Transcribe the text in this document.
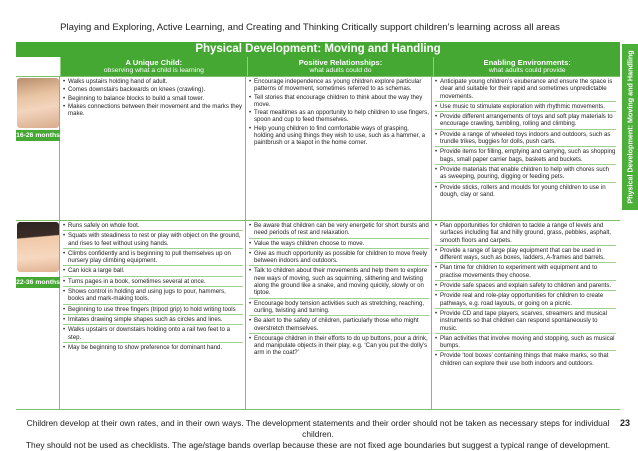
Playing and Exploring, Active Learning, and Creating and Thinking Critically support children’s learning across all areas
Physical Development: Moving and Handling
Physical Development: Moving and Handling
A Unique Child:
observing what a child is learning
Positive Relationships:
what adults could do
Enabling Environments:
what adults could provide
16-26 months
• Walks upstairs holding hand of adult.
• Comes downstairs backwards on knees (crawling).
• Beginning to balance blocks to build a small tower.
• Makes connections between their movement and the marks they make.
• Encourage independence as young children explore particular patterns of movement, sometimes referred to as schemas.
• Tell stories that encourage children to think about the way they move.
• Treat mealtimes as an opportunity to help children to use fingers, spoon and cup to feed themselves.
• Help young children to find comfortable ways of grasping, holding and using things they wish to use, such as a hammer, a paintbrush or a teapot in the home corner.
• Anticipate young children’s exuberance and ensure the space is clear and suitable for their rapid and sometimes unpredictable movements.
• Use music to stimulate exploration with rhythmic movements.
• Provide different arrangements of toys and soft play materials to encourage crawling, tumbling, rolling and climbing.
• Provide a range of wheeled toys indoors and outdoors, such as trundle trikes, buggies for dolls, push carts.
• Provide items for filling, emptying and carrying, such as shopping bags, small paper carrier bags, baskets and buckets.
• Provide materials that enable children to help with chores such as sweeping, pouring, digging or feeding pets.
• Provide sticks, rollers and moulds for young children to use in dough, clay or sand.
22-36 months
• Runs safely on whole foot.
• Squats with steadiness to rest or play with object on the ground, and rises to feet without using hands.
• Climbs confidently and is beginning to pull themselves up on nursery play climbing equipment.
• Can kick a large ball.
• Turns pages in a book, sometimes several at once.
• Shows control in holding and using jugs to pour, hammers, books and mark-making tools.
• Beginning to use three fingers (tripod grip) to hold writing tools
• Imitates drawing simple shapes such as circles and lines.
• Walks upstairs or downstairs holding onto a rail two feet to a step.
• May be beginning to show preference for dominant hand.
• Be aware that children can be very energetic for short bursts and need periods of rest and relaxation.
• Value the ways children choose to move.
• Give as much opportunity as possible for children to move freely between indoors and outdoors.
• Talk to children about their movements and help them to explore new ways of moving, such as squirming, slithering and twisting along the ground like a snake, and moving quickly, slowly or on tiptoe.
• Encourage body tension activities such as stretching, reaching, curling, twisting and turning.
• Be alert to the safety of children, particularly those who might overstretch themselves.
• Encourage children in their efforts to do up buttons, pour a drink, and manipulate objects in their play, e.g. ‘Can you put the dolly’s arm in the coat?’
• Plan opportunities for children to tackle a range of levels and surfaces including flat and hilly ground, grass, pebbles, asphalt, smooth floors and carpets.
• Provide a range of large play equipment that can be used in different ways, such as boxes, ladders, A-frames and barrels.
• Plan time for children to experiment with equipment and to practise movements they choose.
• Provide safe spaces and explain safety to children and parents.
• Provide real and role-play opportunities for children to create pathways, e.g. road layouts, or going on a picnic.
• Provide CD and tape players, scarves, streamers and musical instruments so that children can respond spontaneously to music.
• Plan activities that involve moving and stopping, such as musical bumps.
• Provide ‘tool boxes’ containing things that make marks, so that children can explore their use both indoors and outdoors.
Children develop at their own rates, and in their own ways. The development statements and their order should not be taken as necessary steps for individual children.
They should not be used as checklists. The age/stage bands overlap because these are not fixed age boundaries but suggest a typical range of development.
23
